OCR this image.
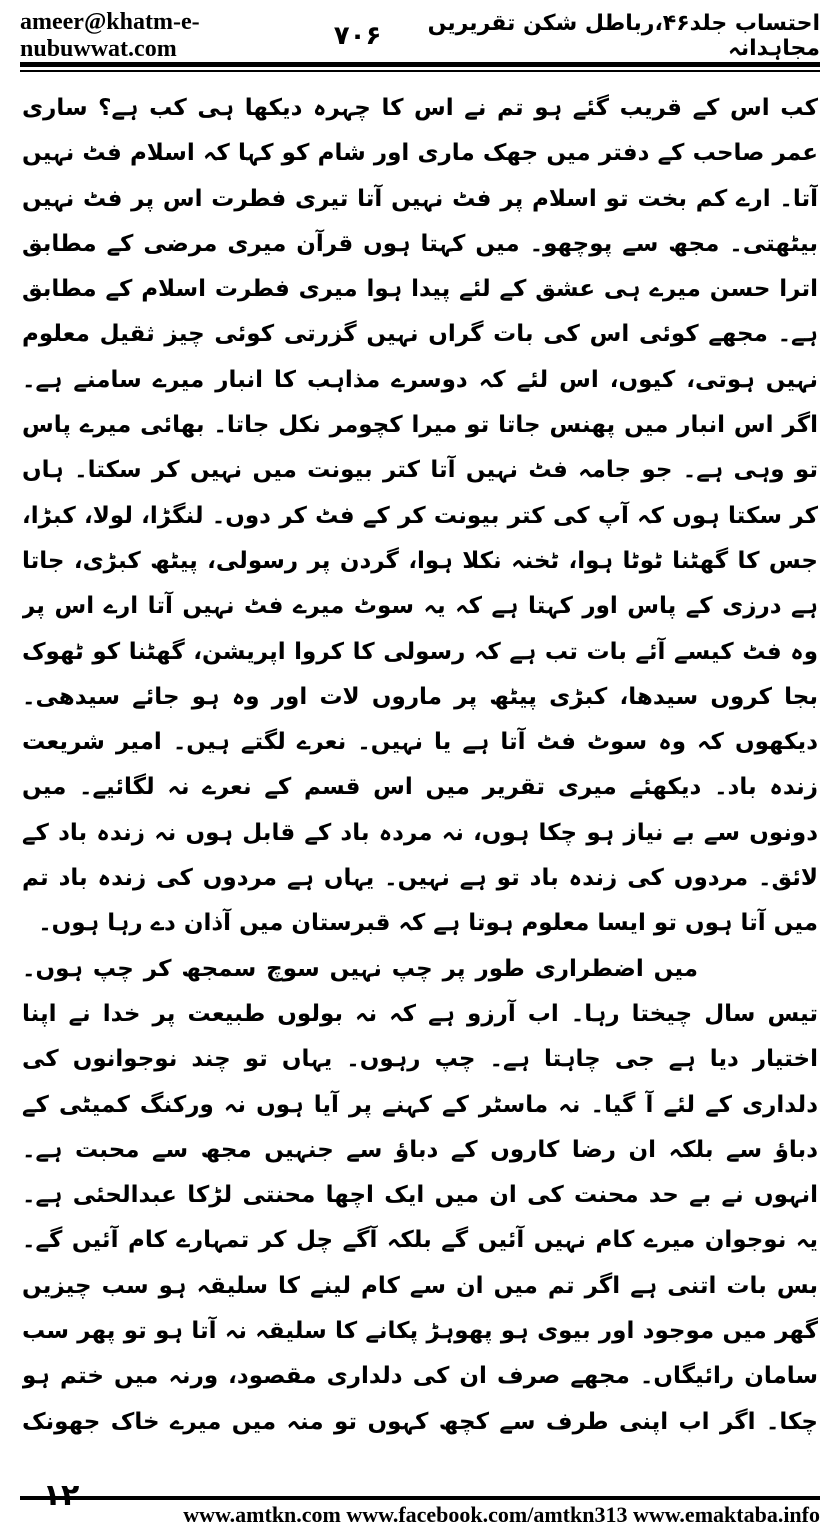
ameer@khatm-e-nubuwwat.com	۷۰۶	احتساب جلد۴۶،رباطل شکن تقریریں مجاہدانہ

کب اس کے قریب گئے ہو تم نے اس کا چہرہ دیکھا ہی کب ہے؟ ساری عمر صاحب کے دفتر میں جھک ماری اور شام کو کہا کہ اسلام فٹ نہیں آتا۔ ارے کم بخت تو اسلام پر فٹ نہیں آتا تیری فطرت اس پر فٹ نہیں بیٹھتی۔ مجھ سے پوچھو۔ میں کہتا ہوں قرآن میری مرضی کے مطابق اترا حسن میرے ہی عشق کے لئے پیدا ہوا میری فطرت اسلام کے مطابق ہے۔ مجھے کوئی اس کی بات گراں نہیں گزرتی کوئی چیز ثقیل معلوم نہیں ہوتی، کیوں، اس لئے کہ دوسرے مذاہب کا انبار میرے سامنے ہے۔ اگر اس انبار میں پھنس جاتا تو میرا کچومر نکل جاتا۔ بھائی میرے پاس تو وہی ہے۔ جو جامہ فٹ نہیں آتا کتر بیونت میں نہیں کر سکتا۔ ہاں کر سکتا ہوں کہ آپ کی کتر بیونت کر کے فٹ کر دوں۔ لنگڑا، لولا، کبڑا، جس کا گھٹنا ٹوٹا ہوا، ٹخنہ نکلا ہوا، گردن پر رسولی، پیٹھ کبڑی، جاتا ہے درزی کے پاس اور کہتا ہے کہ یہ سوٹ میرے فٹ نہیں آتا ارے اس پر وہ فٹ کیسے آئے بات تب ہے کہ رسولی کا کروا اپریشن، گھٹنا کو ٹھوک بجا کروں سیدھا، کبڑی پیٹھ پر ماروں لات اور وہ ہو جائے سیدھی۔ دیکھوں کہ وہ سوٹ فٹ آتا ہے یا نہیں۔ نعرے لگتے ہیں۔ امیر شریعت زندہ باد۔ دیکھئے میری تقریر میں اس قسم کے نعرے نہ لگائیے۔ میں دونوں سے بے نیاز ہو چکا ہوں، نہ مردہ باد کے قابل ہوں نہ زندہ باد کے لائق۔ مردوں کی زندہ باد تو ہے نہیں۔ یہاں ہے مردوں کی زندہ باد تم میں آتا ہوں تو ایسا معلوم ہوتا ہے کہ قبرستان میں آذان دے رہا ہوں۔

میں اضطراری طور پر چپ نہیں سوچ سمجھ کر چپ ہوں۔ تیس سال چیختا رہا۔ اب آرزو ہے کہ نہ بولوں طبیعت پر خدا نے اپنا اختیار دیا ہے جی چاہتا ہے۔ چپ رہوں۔ یہاں تو چند نوجوانوں کی دلداری کے لئے آ گیا۔ نہ ماسٹر کے کہنے پر آیا ہوں نہ ورکنگ کمیٹی کے دباؤ سے بلکہ ان رضا کاروں کے دباؤ سے جنہیں مجھ سے محبت ہے۔ انہوں نے بے حد محنت کی ان میں ایک اچھا محنتی لڑکا عبدالحئی ہے۔ یہ نوجوان میرے کام نہیں آئیں گے بلکہ آگے چل کر تمہارے کام آئیں گے۔ بس بات اتنی ہے اگر تم میں ان سے کام لینے کا سلیقہ ہو سب چیزیں گھر میں موجود اور بیوی ہو پھوہڑ پکانے کا سلیقہ نہ آتا ہو تو پھر سب سامان رائیگاں۔ مجھے صرف ان کی دلداری مقصود، ورنہ میں ختم ہو چکا۔ اگر اب اپنی طرف سے کچھ کہوں تو منہ میں میرے خاک جھونک

۱۲
www.amtkn.com www.facebook.com/amtkn313 www.emaktaba.info
